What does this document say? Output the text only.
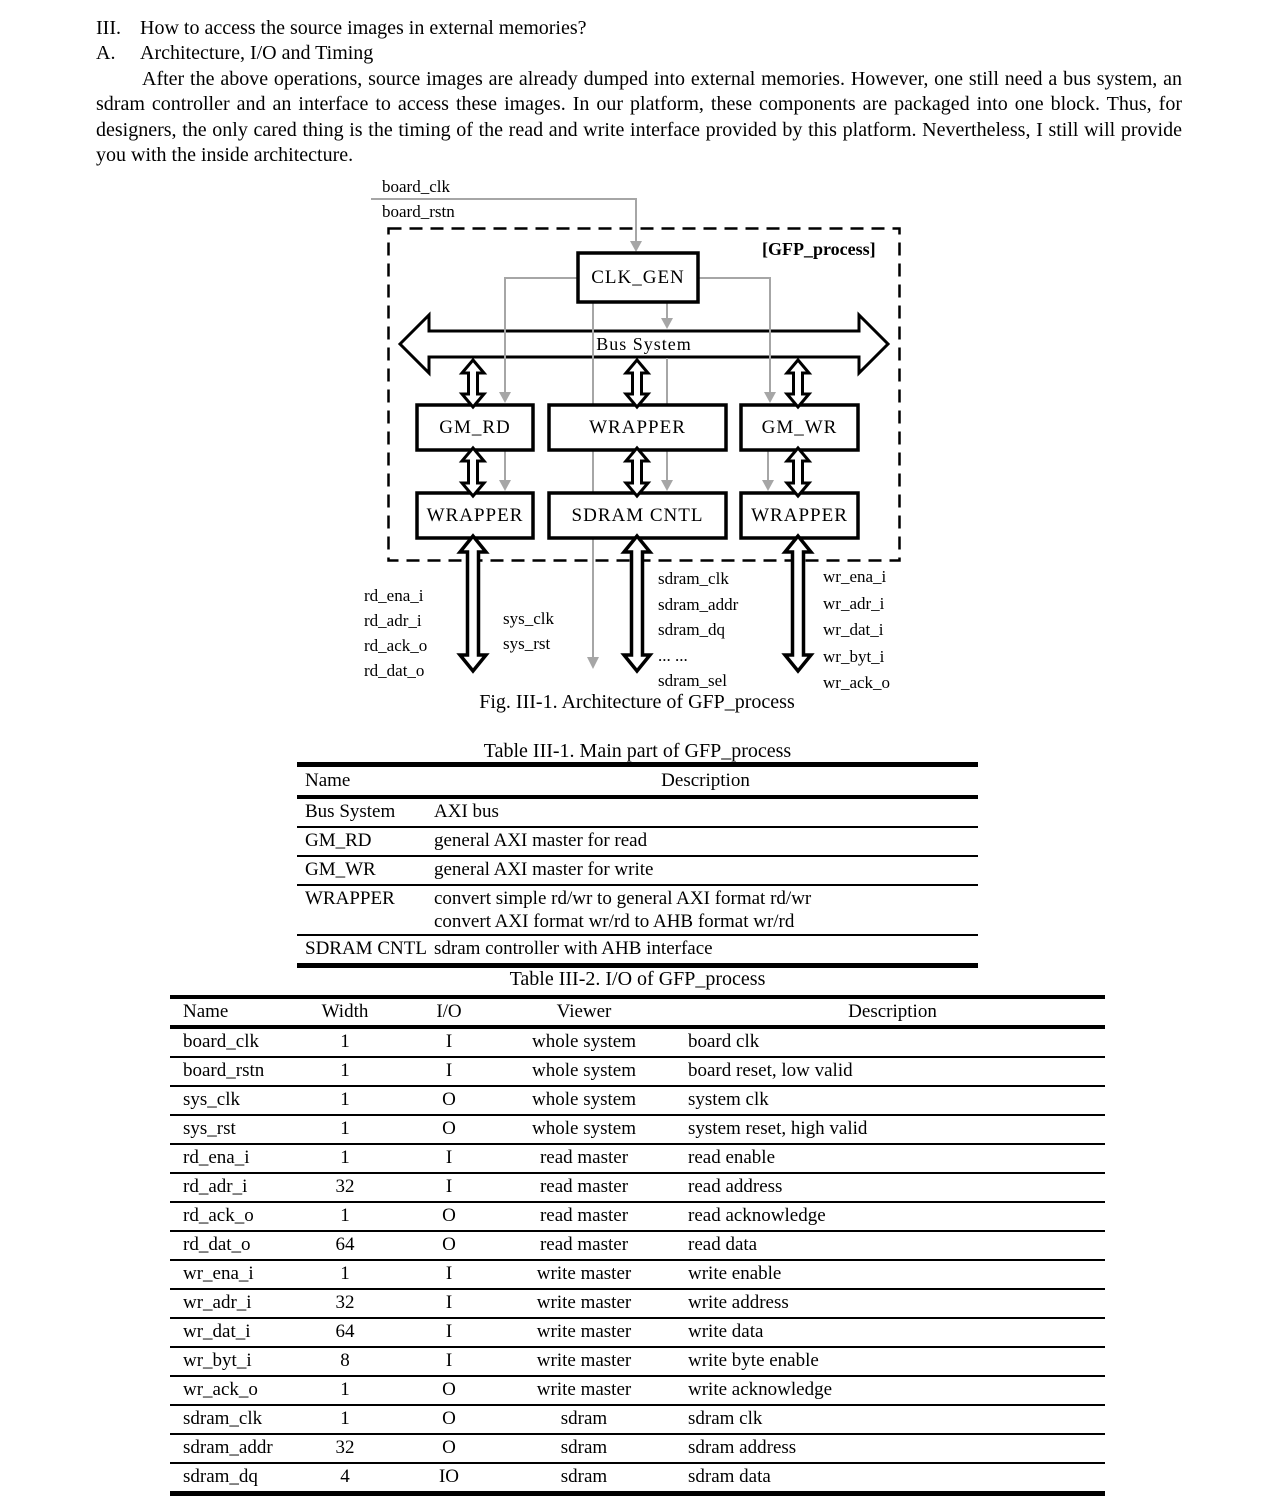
III. How to access the source images in external memories?
A.	Architecture, I/O and Timing

After the above operations, source images are already dumped into external memories. However, one still need a bus system, an sdram controller and an interface to access these images. In our platform, these components are packaged into one block. Thus, for designers, the only cared thing is the timing of the read and write interface provided by this platform. Nevertheless, I still will provide you with the inside architecture.

board_clk
board_rstn
[GFP_process]
CLK_GEN
Bus System
GM_RD	WRAPPER	GM_WR
WRAPPER	SDRAM CNTL	WRAPPER
rd_ena_i
rd_adr_i
rd_ack_o
rd_dat_o
sys_clk
sys_rst
sdram_clk
sdram_addr
sdram_dq
... ...
sdram_sel
wr_ena_i
wr_adr_i
wr_dat_i
wr_byt_i
wr_ack_o
Fig. III-1. Architecture of GFP_process
Table III-1. Main part of GFP_process
Name	Description
Bus System	AXI bus

GM_RD	general AXI master for read

GM_WR	general AXI master for write

WRAPPER	convert simple rd/wr to general AXI format rd/wr
convert AXI format wr/rd to AHB format wr/rd

SDRAM CNTL	sdram controller with AHB interface
Table III-2. I/O of GFP_process
Name	Width	I/O	Viewer	Description
board_clk	1	I	whole system	board clk
board_rstn	1	I	whole system	board reset, low valid
sys_clk	1	O	whole system	system clk
sys_rst	1	O	whole system	system reset, high valid
rd_ena_i	1	I	read master	read enable
rd_adr_i	32	I	read master	read address
rd_ack_o	1	O	read master	read acknowledge
rd_dat_o	64	O	read master	read data
wr_ena_i	1	I	write master	write enable
wr_adr_i	32	I	write master	write address
wr_dat_i	64	I	write master	write data
wr_byt_i	8	I	write master	write byte enable
wr_ack_o	1	O	write master	write acknowledge
sdram_clk	1	O	sdram	sdram clk
sdram_addr	32	O	sdram	sdram address
sdram_dq	4	IO	sdram	sdram data
